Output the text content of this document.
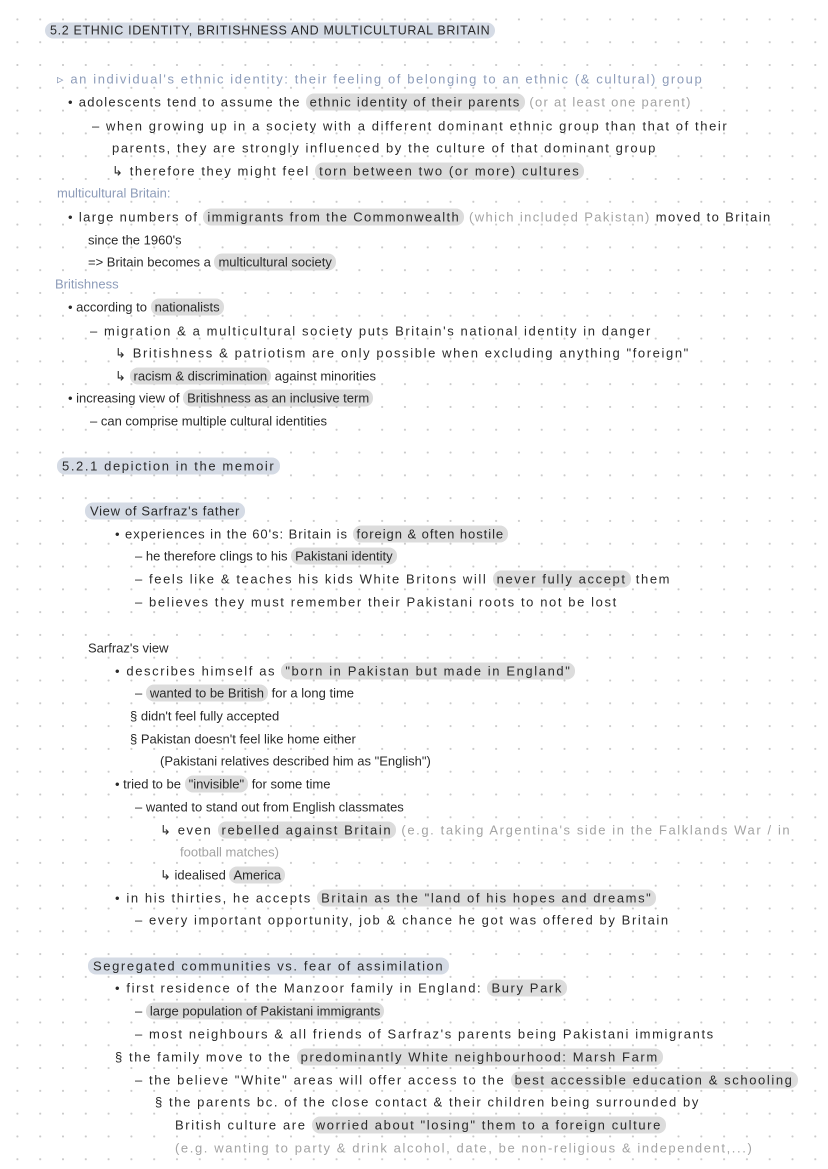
5.2 ETHNIC IDENTITY, BRITISHNESS AND MULTICULTURAL BRITAIN
▹ an individual's ethnic identity: their feeling of belonging to an ethnic (& cultural) group
• adolescents tend to assume the ethnic identity of their parents (or at least one parent)
– when growing up in a society with a different dominant ethnic group than that of their
parents, they are strongly influenced by the culture of that dominant group
↳ therefore they might feel torn between two (or more) cultures
multicultural Britain:
• large numbers of immigrants from the Commonwealth (which included Pakistan) moved to Britain
since the 1960's
=> Britain becomes a multicultural society
Britishness
• according to nationalists
– migration & a multicultural society puts Britain's national identity in danger
↳ Britishness & patriotism are only possible when excluding anything "foreign"
↳ racism & discrimination against minorities
• increasing view of Britishness as an inclusive term
– can comprise multiple cultural identities
5.2.1 depiction in the memoir
View of Sarfraz's father
• experiences in the 60's: Britain is foreign & often hostile
– he therefore clings to his Pakistani identity
– feels like & teaches his kids White Britons will never fully accept them
– believes they must remember their Pakistani roots to not be lost
Sarfraz's view
• describes himself as "born in Pakistan but made in England"
– wanted to be British for a long time
§ didn't feel fully accepted
§ Pakistan doesn't feel like home either
(Pakistani relatives described him as "English")
• tried to be "invisible" for some time
– wanted to stand out from English classmates
↳ even rebelled against Britain (e.g. taking Argentina's side in the Falklands War / in
football matches)
↳ idealised America
• in his thirties, he accepts Britain as the "land of his hopes and dreams"
– every important opportunity, job & chance he got was offered by Britain
Segregated communities vs. fear of assimilation
• first residence of the Manzoor family in England: Bury Park
– large population of Pakistani immigrants
– most neighbours & all friends of Sarfraz's parents being Pakistani immigrants
§ the family move to the predominantly White neighbourhood: Marsh Farm
– the believe "White" areas will offer access to the best accessible education & schooling
§ the parents bc. of the close contact & their children being surrounded by
British culture are worried about "losing" them to a foreign culture
(e.g. wanting to party & drink alcohol, date, be non-religious & independent,...)
